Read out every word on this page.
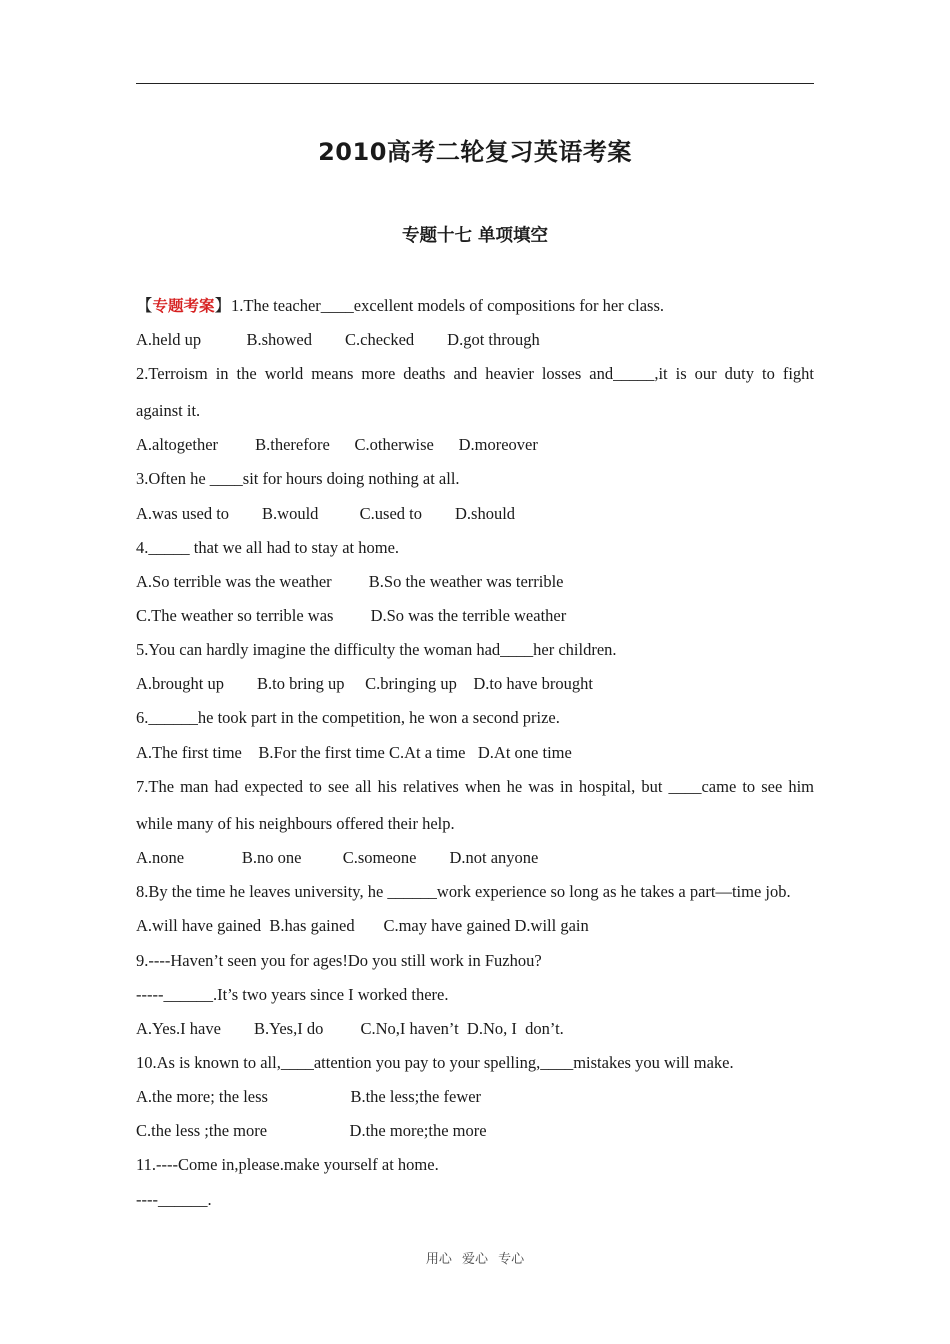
2010高考二轮复习英语考案
专题十七 单项填空
【专题考案】1.The teacher____excellent models of compositions for her class.
A.held up           B.showed        C.checked        D.got through
2.Terroism in the world means more deaths and heavier losses and_____,it is our duty to fight
against it.
A.altogether         B.therefore      C.otherwise      D.moreover
3.Often he ____sit for hours doing nothing at all.
A.was used to        B.would          C.used to        D.should
4._____ that we all had to stay at home.
A.So terrible was the weather         B.So the weather was terrible
C.The weather so terrible was         D.So was the terrible weather
5.You can hardly imagine the difficulty the woman had____her children.
A.brought up        B.to bring up     C.bringing up    D.to have brought
6.______he took part in the competition, he won a second prize.
A.The first time    B.For the first time C.At a time   D.At one time
7.The man had expected to see all his relatives when he was in hospital, but ____came to see him
while many of his neighbours offered their help.
A.none              B.no one          C.someone        D.not anyone
8.By the time he leaves university, he ______work experience so long as he takes a part—time job.
A.will have gained  B.has gained       C.may have gained D.will gain
9.----Haven’t seen you for ages!Do you still work in Fuzhou?
-----______.It’s two years since I worked there.
A.Yes.I have        B.Yes,I do         C.No,I haven’t  D.No, I  don’t.
10.As is known to all,____attention you pay to your spelling,____mistakes you will make.
A.the more; the less                    B.the less;the fewer
C.the less ;the more                    D.the more;the more
11.----Come in,please.make yourself at home.
----______.
用心 爱心 专心
